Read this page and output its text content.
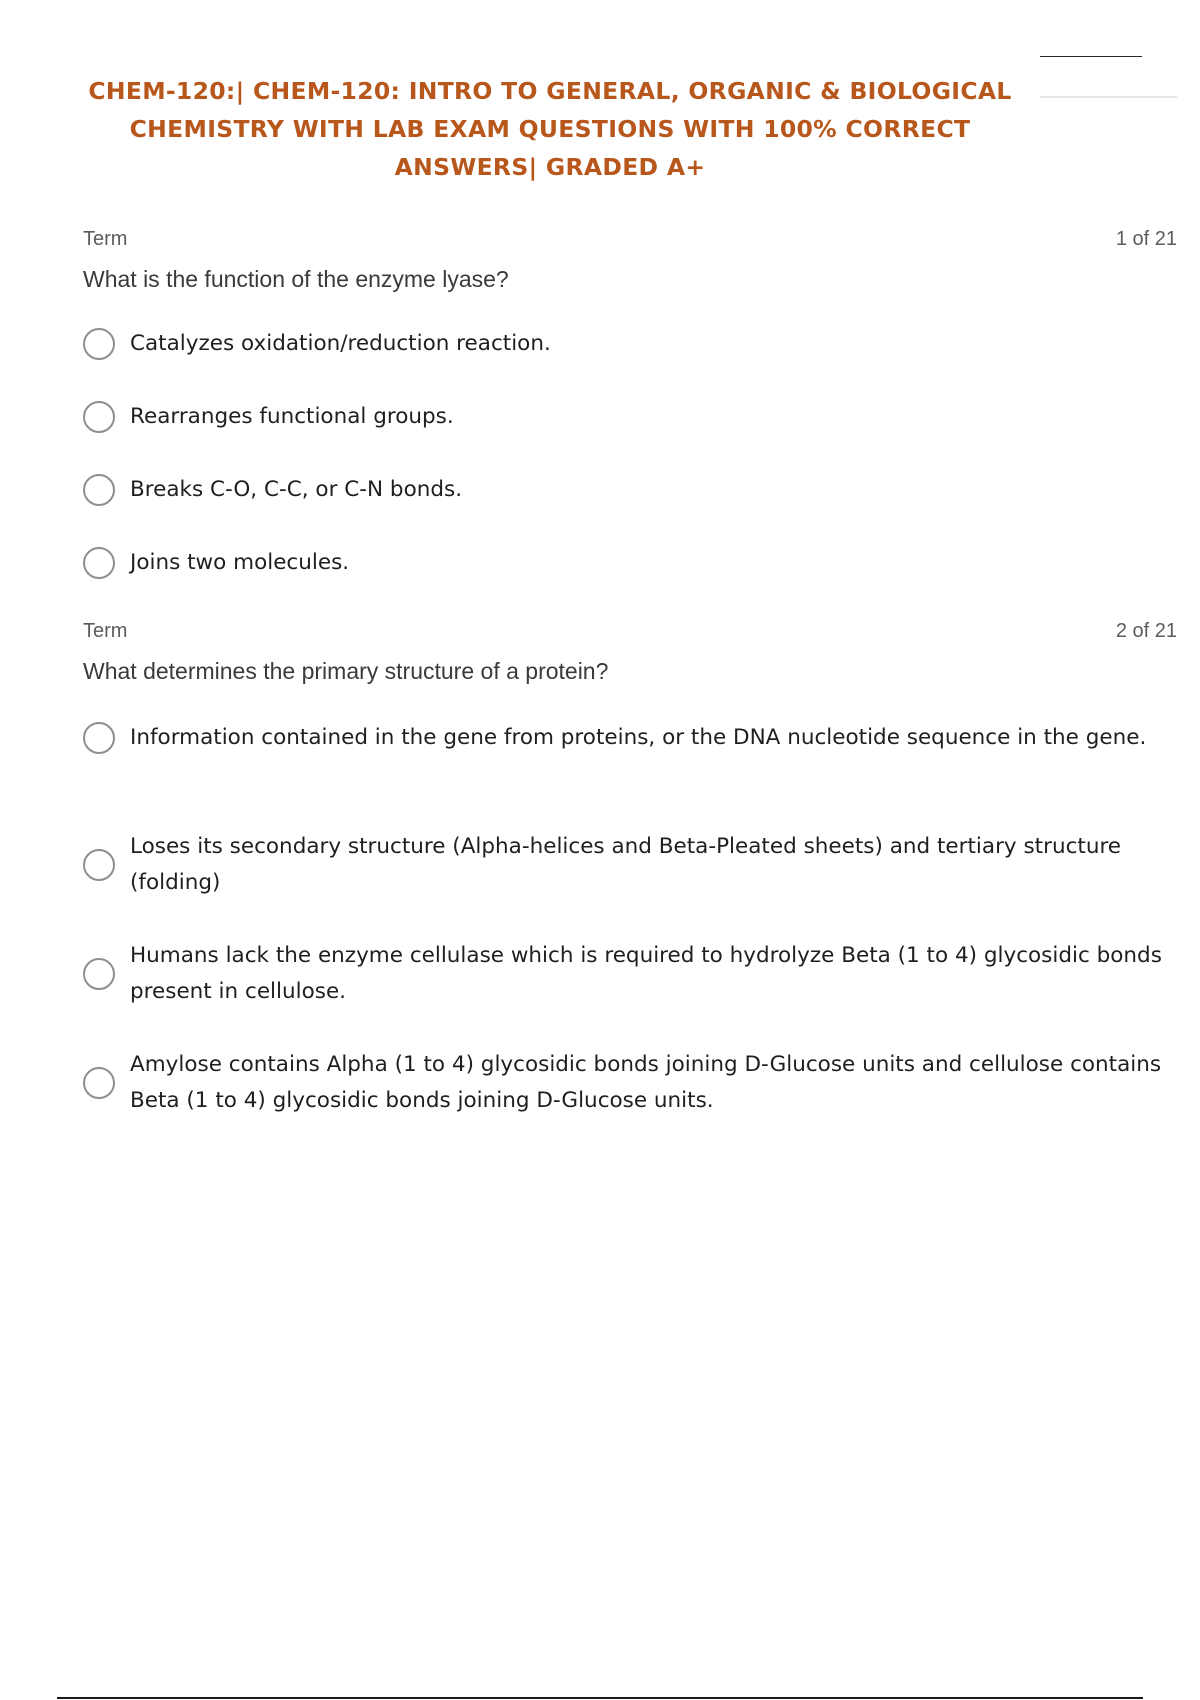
CHEM-120:| CHEM-120: INTRO TO GENERAL, ORGANIC & BIOLOGICAL CHEMISTRY WITH LAB EXAM QUESTIONS WITH 100% CORRECT ANSWERS| GRADED A+
Term	1 of 21
What is the function of the enzyme lyase?
Catalyzes oxidation/reduction reaction.
Rearranges functional groups.
Breaks C-O, C-C, or C-N bonds.
Joins two molecules.
Term	2 of 21
What determines the primary structure of a protein?
Information contained in the gene from proteins, or the DNA nucleotide sequence in the gene.
Loses its secondary structure (Alpha-helices and Beta-Pleated sheets) and tertiary structure (folding)
Humans lack the enzyme cellulase which is required to hydrolyze Beta (1 to 4) glycosidic bonds present in cellulose.
Amylose contains Alpha (1 to 4) glycosidic bonds joining D-Glucose units and cellulose contains Beta (1 to 4) glycosidic bonds joining D-Glucose units.
